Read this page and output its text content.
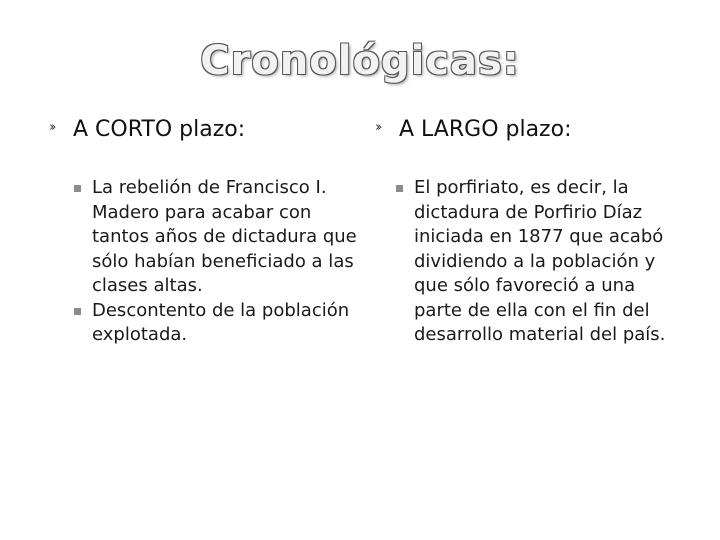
Cronológicas:
‹‹ A CORTO plazo:
La rebelión de Francisco I. Madero para acabar con tantos años de dictadura que sólo habían beneficiado a las clases altas.
Descontento de la población explotada.
‹‹ A LARGO plazo:
El porfiriato, es decir, la dictadura de Porfirio Díaz iniciada en 1877 que acabó dividiendo a la población y que sólo favoreció a una parte de ella con el fin del desarrollo material del país.
